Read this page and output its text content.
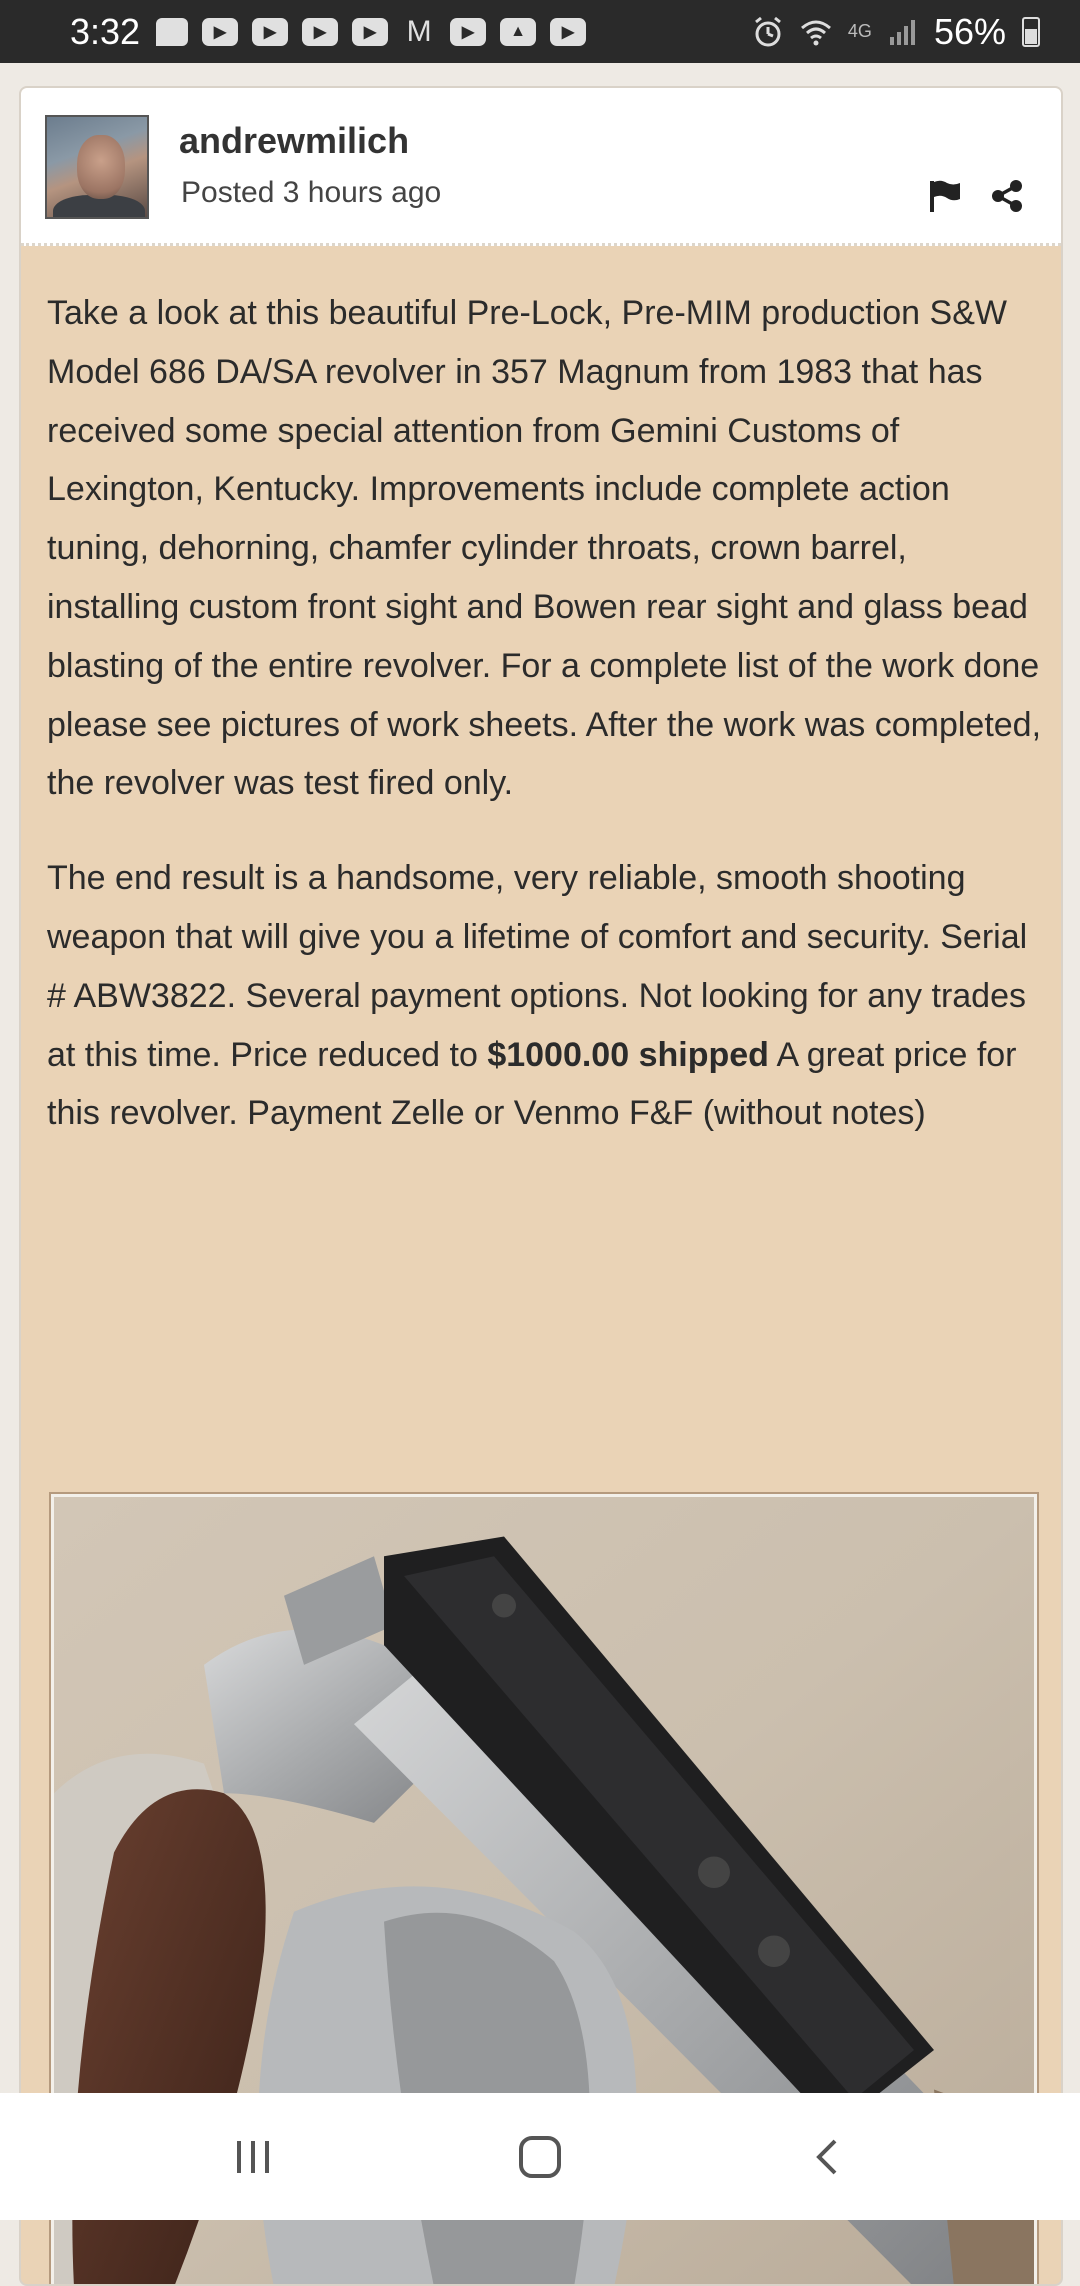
3:32	▶	▶	▶	▶	M	▶	▲	▶	4G 56%
andrewmilich
Posted 3 hours ago

Take a look at this beautiful Pre-Lock, Pre-MIM production S&W Model 686 DA/SA revolver in 357 Magnum from 1983 that has received some special attention from Gemini Customs of Lexington, Kentucky. Improvements include complete action tuning, dehorning, chamfer cylinder throats, crown barrel, installing custom front sight and Bowen rear sight and glass bead blasting of the entire revolver. For a complete list of the work done please see pictures of work sheets. After the work was completed, the revolver was test fired only.

The end result is a handsome, very reliable, smooth shooting weapon that will give you a lifetime of comfort and security. Serial # ABW3822. Several payment options. Not looking for any trades at this time. Price reduced to $1000.00 shipped A great price for this revolver. Payment Zelle or Venmo F&F (without notes)
